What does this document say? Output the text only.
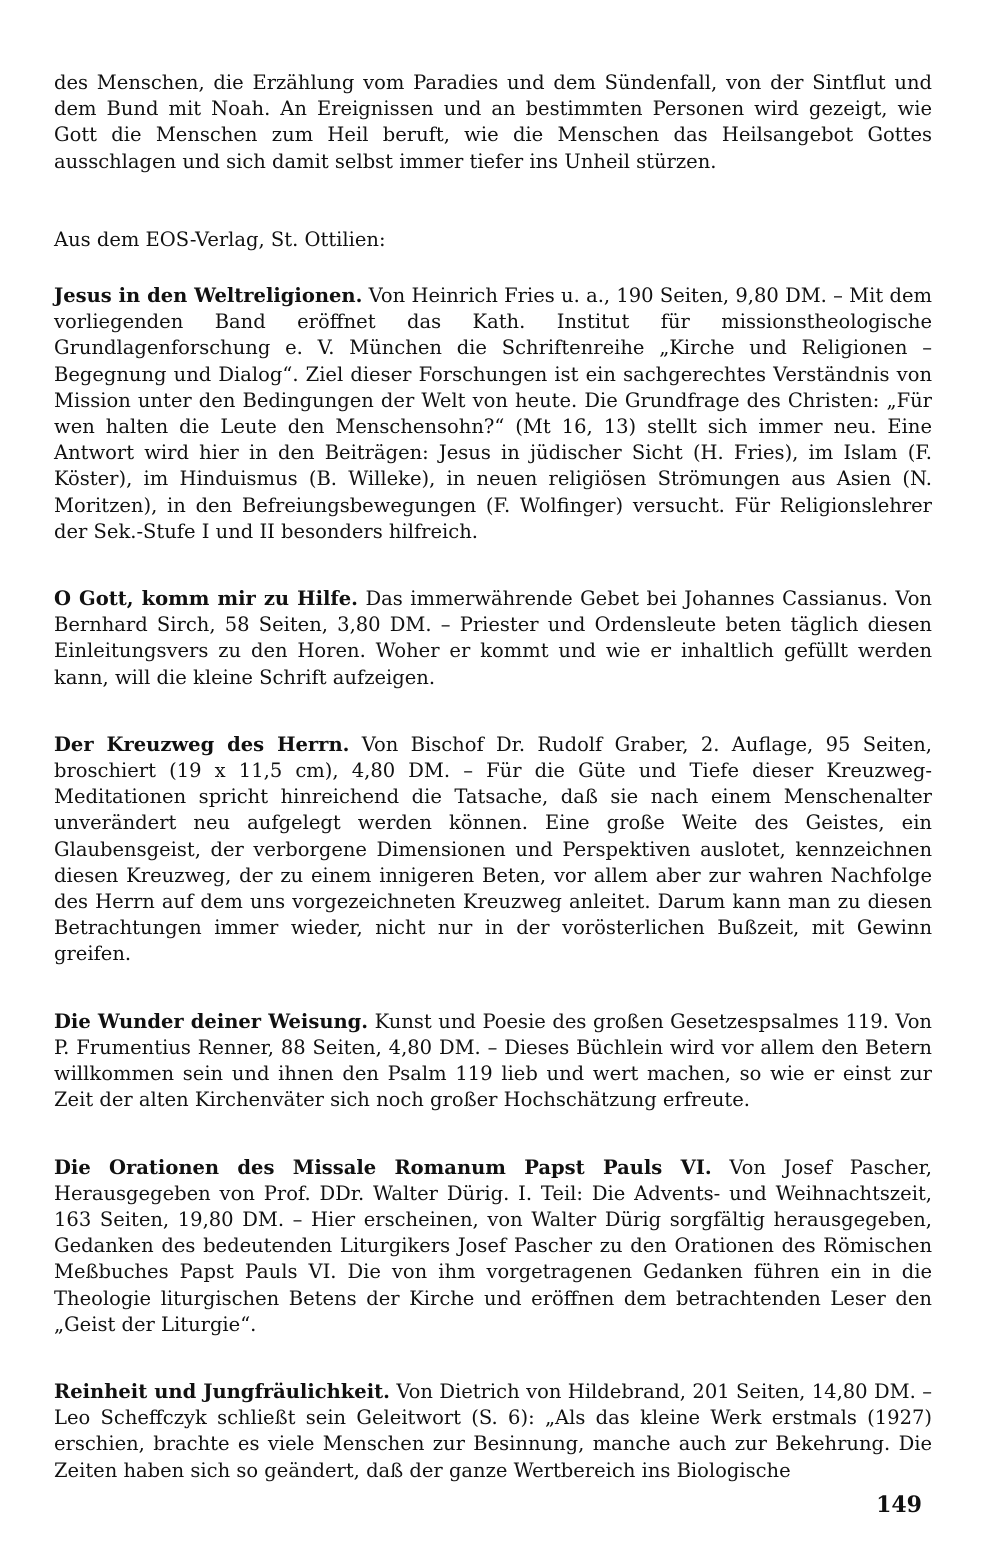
des Menschen, die Erzählung vom Paradies und dem Sündenfall, von der Sintflut und dem Bund mit Noah. An Ereignissen und an bestimmten Personen wird gezeigt, wie Gott die Menschen zum Heil beruft, wie die Menschen das Heilsangebot Gottes ausschlagen und sich damit selbst immer tiefer ins Unheil stürzen.

Aus dem EOS-Verlag, St. Ottilien:

Jesus in den Weltreligionen. Von Heinrich Fries u. a., 190 Seiten, 9,80 DM. – Mit dem vorliegenden Band eröffnet das Kath. Institut für missionstheologische Grundlagenforschung e. V. München die Schriftenreihe „Kirche und Religionen – Begegnung und Dialog“. Ziel dieser Forschungen ist ein sachgerechtes Verständnis von Mission unter den Bedingungen der Welt von heute. Die Grundfrage des Christen: „Für wen halten die Leute den Menschensohn?“ (Mt 16, 13) stellt sich immer neu. Eine Antwort wird hier in den Beiträgen: Jesus in jüdischer Sicht (H. Fries), im Islam (F. Köster), im Hinduismus (B. Willeke), in neuen religiösen Strömungen aus Asien (N. Moritzen), in den Befreiungsbewegungen (F. Wolfinger) versucht. Für Religionslehrer der Sek.-Stufe I und II besonders hilfreich.

O Gott, komm mir zu Hilfe. Das immerwährende Gebet bei Johannes Cassianus. Von Bernhard Sirch, 58 Seiten, 3,80 DM. – Priester und Ordensleute beten täglich diesen Einleitungsvers zu den Horen. Woher er kommt und wie er inhaltlich gefüllt werden kann, will die kleine Schrift aufzeigen.

Der Kreuzweg des Herrn. Von Bischof Dr. Rudolf Graber, 2. Auflage, 95 Seiten, broschiert (19 x 11,5 cm), 4,80 DM. – Für die Güte und Tiefe dieser Kreuzweg-Meditationen spricht hinreichend die Tatsache, daß sie nach einem Menschenalter unverändert neu aufgelegt werden können. Eine große Weite des Geistes, ein Glaubensgeist, der verborgene Dimensionen und Perspektiven auslotet, kennzeichnen diesen Kreuzweg, der zu einem innigeren Beten, vor allem aber zur wahren Nachfolge des Herrn auf dem uns vorgezeichneten Kreuzweg anleitet. Darum kann man zu diesen Betrachtungen immer wieder, nicht nur in der vorösterlichen Bußzeit, mit Gewinn greifen.

Die Wunder deiner Weisung. Kunst und Poesie des großen Gesetzespsalmes 119. Von P. Frumentius Renner, 88 Seiten, 4,80 DM. – Dieses Büchlein wird vor allem den Betern willkommen sein und ihnen den Psalm 119 lieb und wert machen, so wie er einst zur Zeit der alten Kirchenväter sich noch großer Hochschätzung erfreute.

Die Orationen des Missale Romanum Papst Pauls VI. Von Josef Pascher, Herausgegeben von Prof. DDr. Walter Dürig. I. Teil: Die Advents- und Weihnachtszeit, 163 Seiten, 19,80 DM. – Hier erscheinen, von Walter Dürig sorgfältig herausgegeben, Gedanken des bedeutenden Liturgikers Josef Pascher zu den Orationen des Römischen Meßbuches Papst Pauls VI. Die von ihm vorgetragenen Gedanken führen ein in die Theologie liturgischen Betens der Kirche und eröffnen dem betrachtenden Leser den „Geist der Liturgie“.

Reinheit und Jungfräulichkeit. Von Dietrich von Hildebrand, 201 Seiten, 14,80 DM. – Leo Scheffczyk schließt sein Geleitwort (S. 6): „Als das kleine Werk erstmals (1927) erschien, brachte es viele Menschen zur Besinnung, manche auch zur Bekehrung. Die Zeiten haben sich so geändert, daß der ganze Wertbereich ins Biologische

149
